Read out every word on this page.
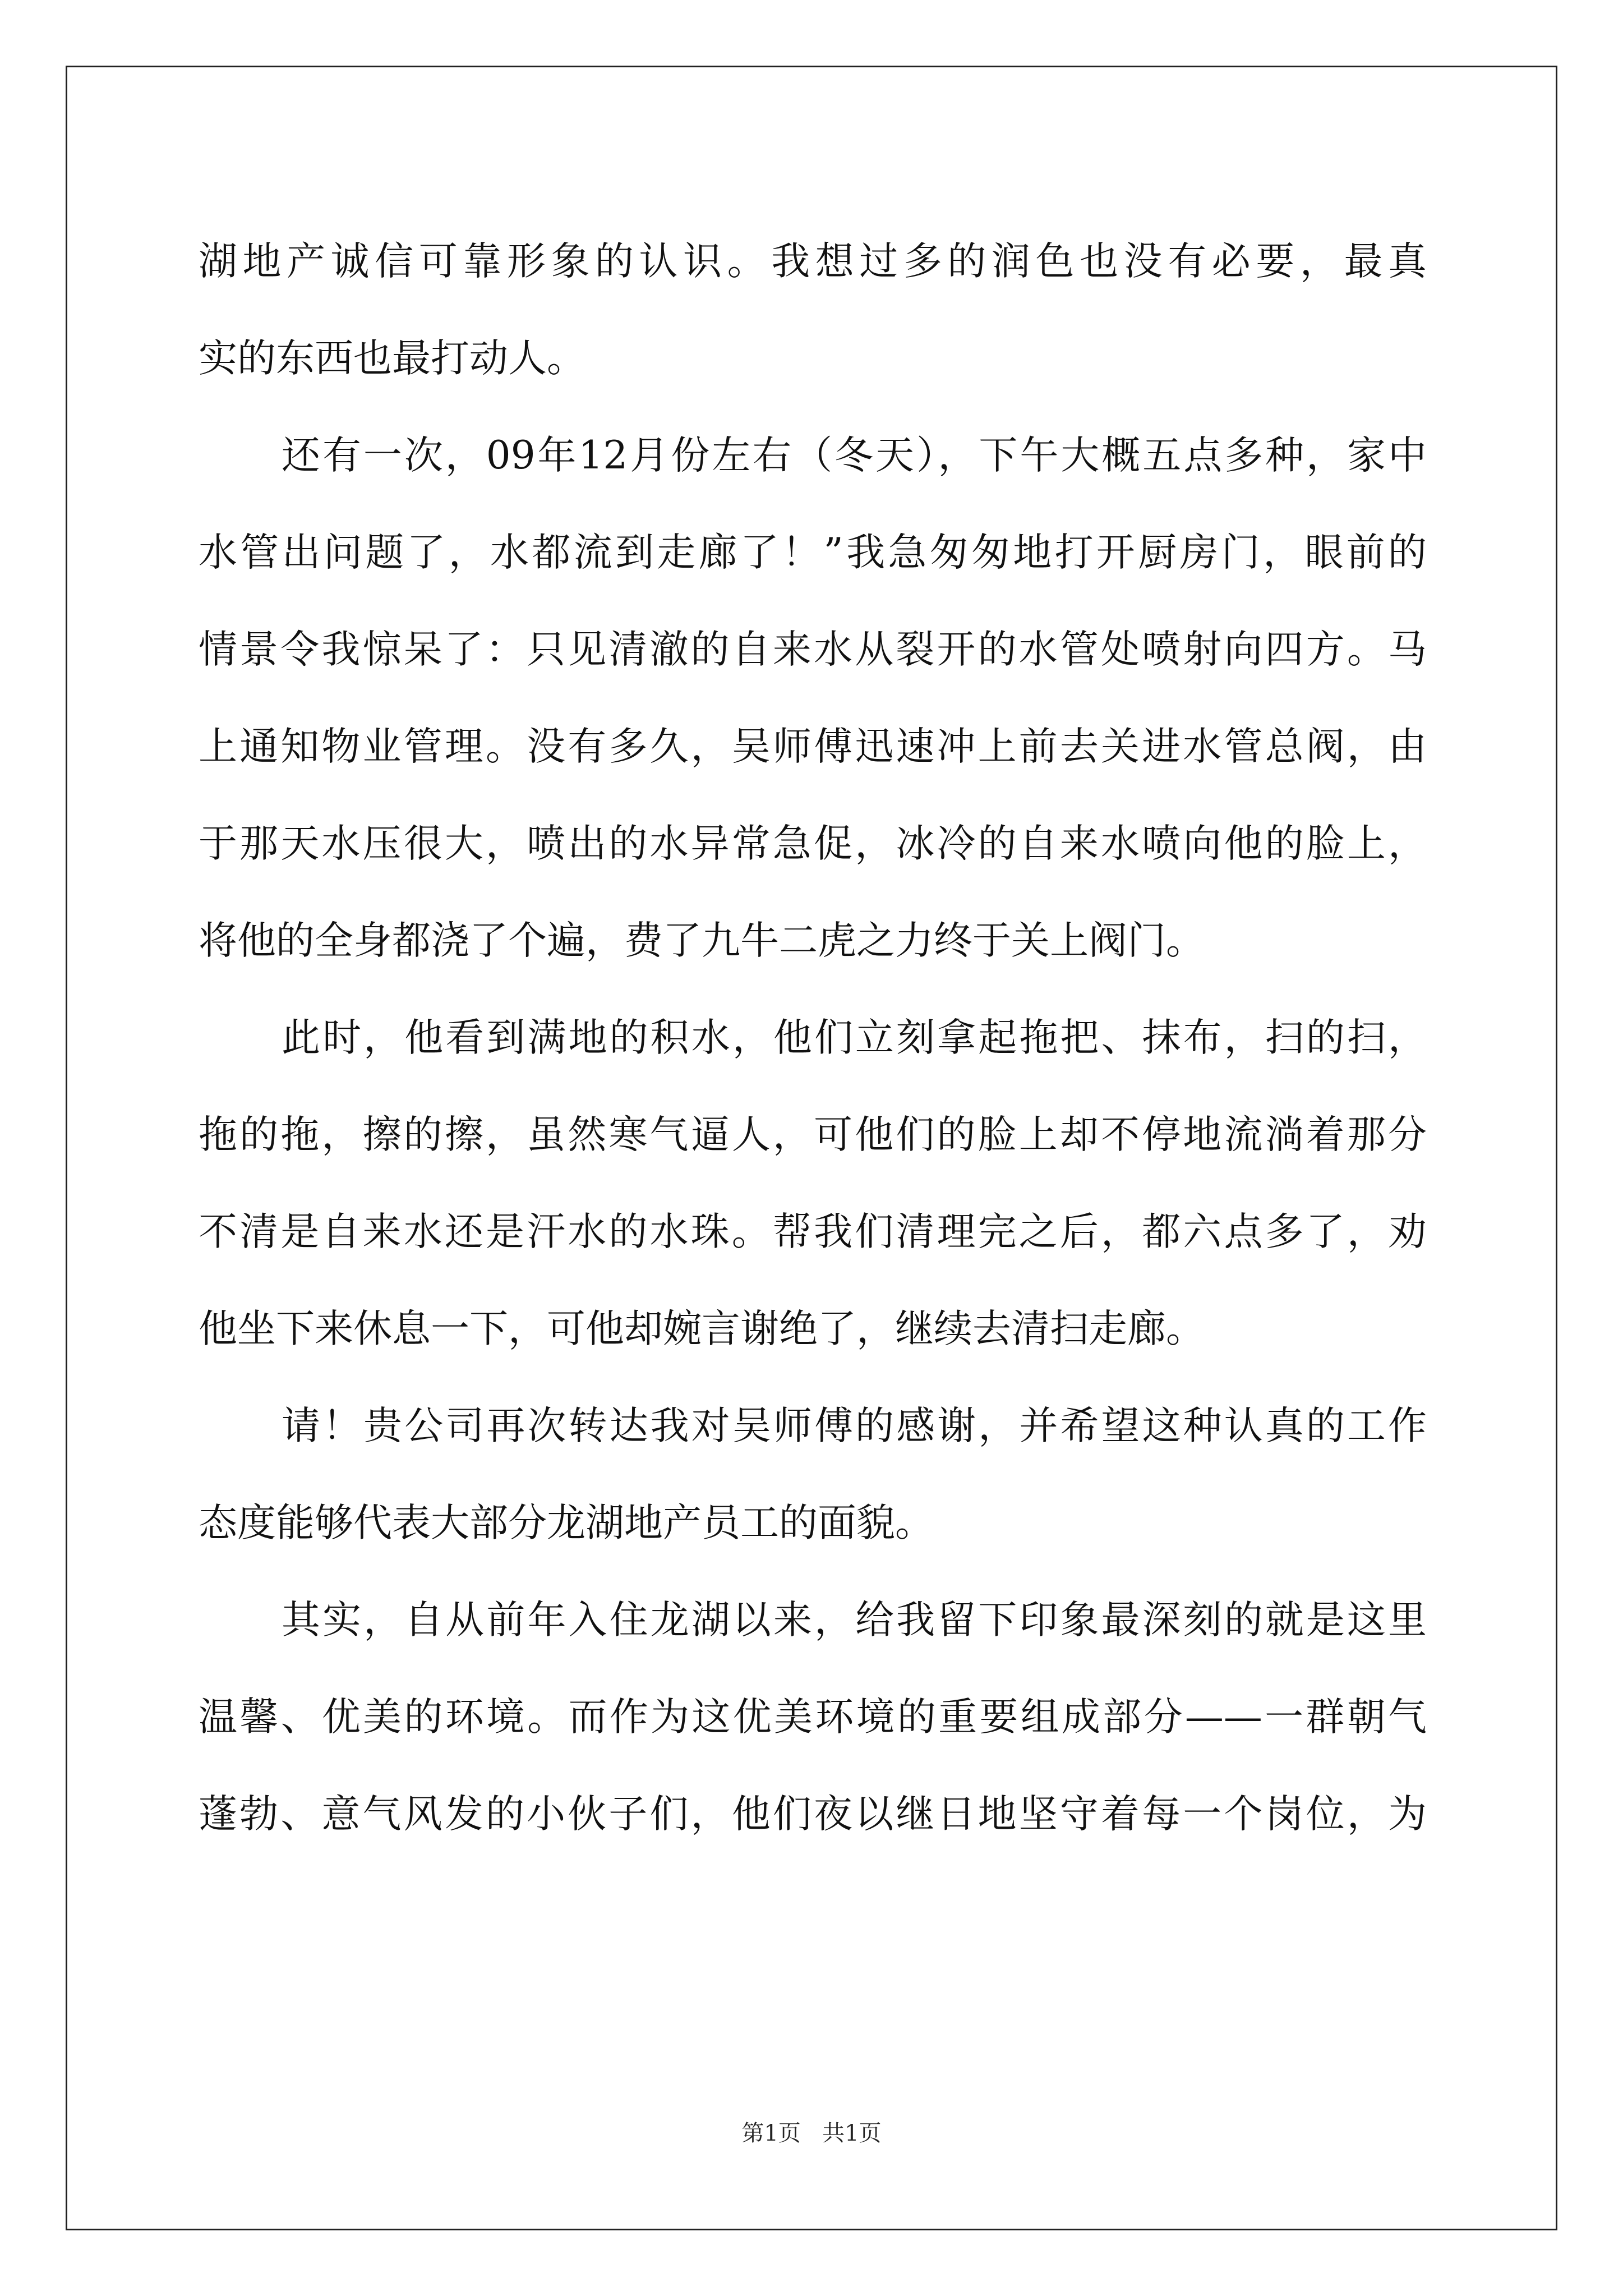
湖地产诚信可靠形象的认识。我想过多的润色也没有必要，最真
实的东西也最打动人。
还有一次，09年12月份左右（冬天），下午大概五点多种，家中
水管出问题了，水都流到走廊了！”我急匆匆地打开厨房门，眼前的
情景令我惊呆了：只见清澈的自来水从裂开的水管处喷射向四方。马
上通知物业管理。没有多久，吴师傅迅速冲上前去关进水管总阀，由
于那天水压很大，喷出的水异常急促，冰冷的自来水喷向他的脸上，
将他的全身都浇了个遍，费了九牛二虎之力终于关上阀门。
此时，他看到满地的积水，他们立刻拿起拖把、抹布，扫的扫，
拖的拖，擦的擦，虽然寒气逼人，可他们的脸上却不停地流淌着那分
不清是自来水还是汗水的水珠。帮我们清理完之后，都六点多了，劝
他坐下来休息一下，可他却婉言谢绝了，继续去清扫走廊。
请！贵公司再次转达我对吴师傅的感谢，并希望这种认真的工作
态度能够代表大部分龙湖地产员工的面貌。
其实，自从前年入住龙湖以来，给我留下印象最深刻的就是这里
温馨、优美的环境。而作为这优美环境的重要组成部分——一群朝气
蓬勃、意气风发的小伙子们，他们夜以继日地坚守着每一个岗位，为
第1页 共1页
